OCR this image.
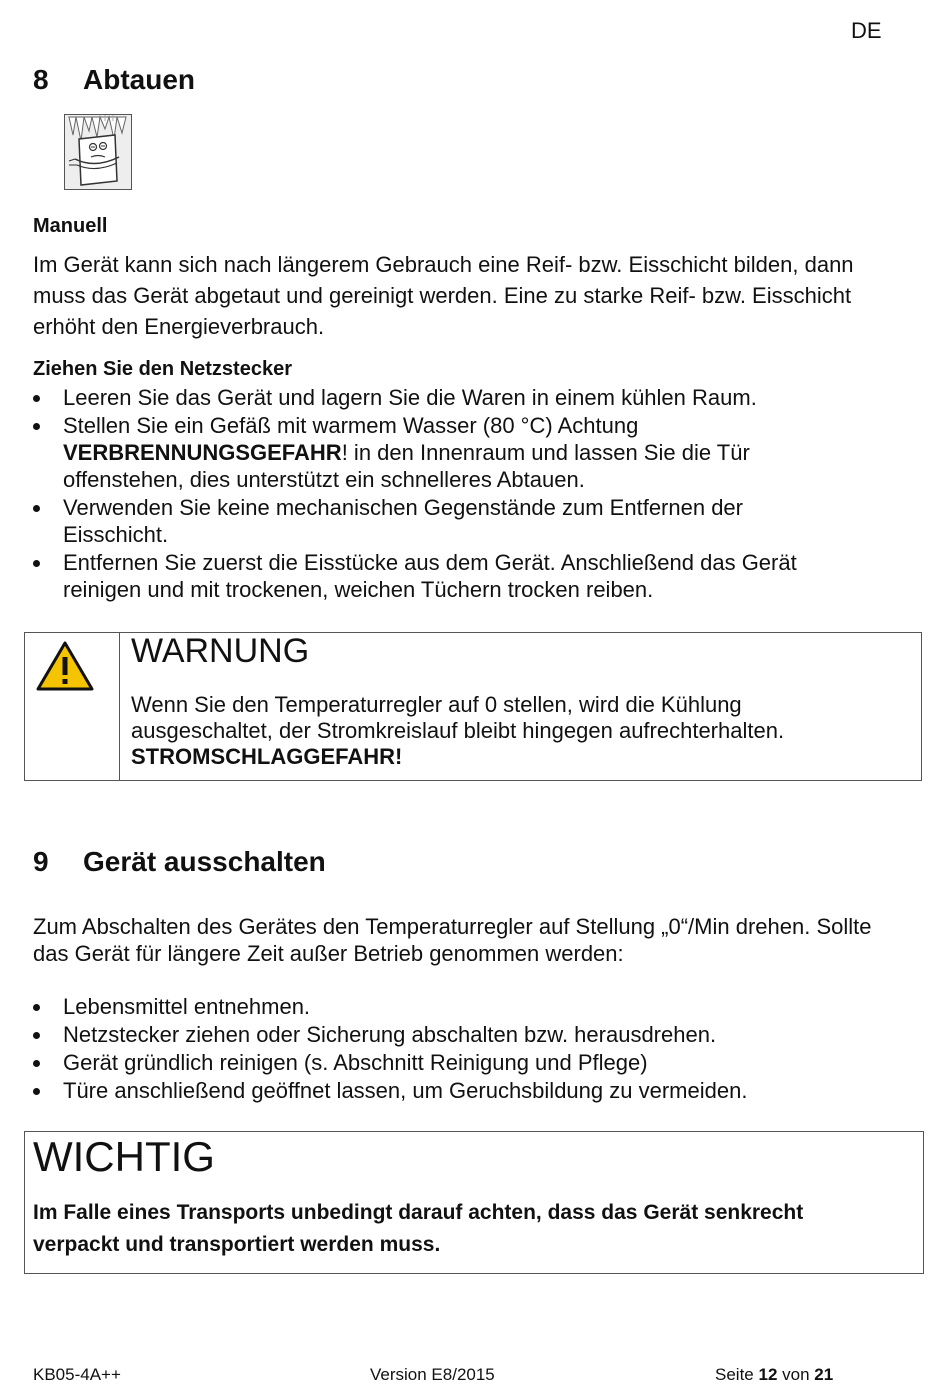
DE
8 Abtauen
Manuell
Im Gerät kann sich nach längerem Gebrauch eine Reif- bzw. Eisschicht bilden, dann
muss das Gerät abgetaut und gereinigt werden. Eine zu starke Reif- bzw. Eisschicht
erhöht den Energieverbrauch.
Ziehen Sie den Netzstecker
Leeren Sie das Gerät und lagern Sie die Waren in einem kühlen Raum.
Stellen Sie ein Gefäß mit warmem Wasser (80 °C) Achtung
VERBRENNUNGSGEFAHR! in den Innenraum und lassen Sie die Tür
offenstehen, dies unterstützt ein schnelleres Abtauen.
Verwenden Sie keine mechanischen Gegenstände zum Entfernen der
Eisschicht.
Entfernen Sie zuerst die Eisstücke aus dem Gerät. Anschließend das Gerät
reinigen und mit trockenen, weichen Tüchern trocken reiben.
WARNUNG
Wenn Sie den Temperaturregler auf 0 stellen, wird die Kühlung
ausgeschaltet, der Stromkreislauf bleibt hingegen aufrechterhalten.
STROMSCHLAGGEFAHR!
9 Gerät ausschalten
Zum Abschalten des Gerätes den Temperaturregler auf Stellung „0“/Min drehen. Sollte
das Gerät für längere Zeit außer Betrieb genommen werden:
Lebensmittel entnehmen.
Netzstecker ziehen oder Sicherung abschalten bzw. herausdrehen.
Gerät gründlich reinigen (s. Abschnitt Reinigung und Pflege)
Türe anschließend geöffnet lassen, um Geruchsbildung zu vermeiden.
WICHTIG
Im Falle eines Transports unbedingt darauf achten, dass das Gerät senkrecht
verpackt und transportiert werden muss.
KB05-4A++	Version E8/2015	Seite 12 von 21
